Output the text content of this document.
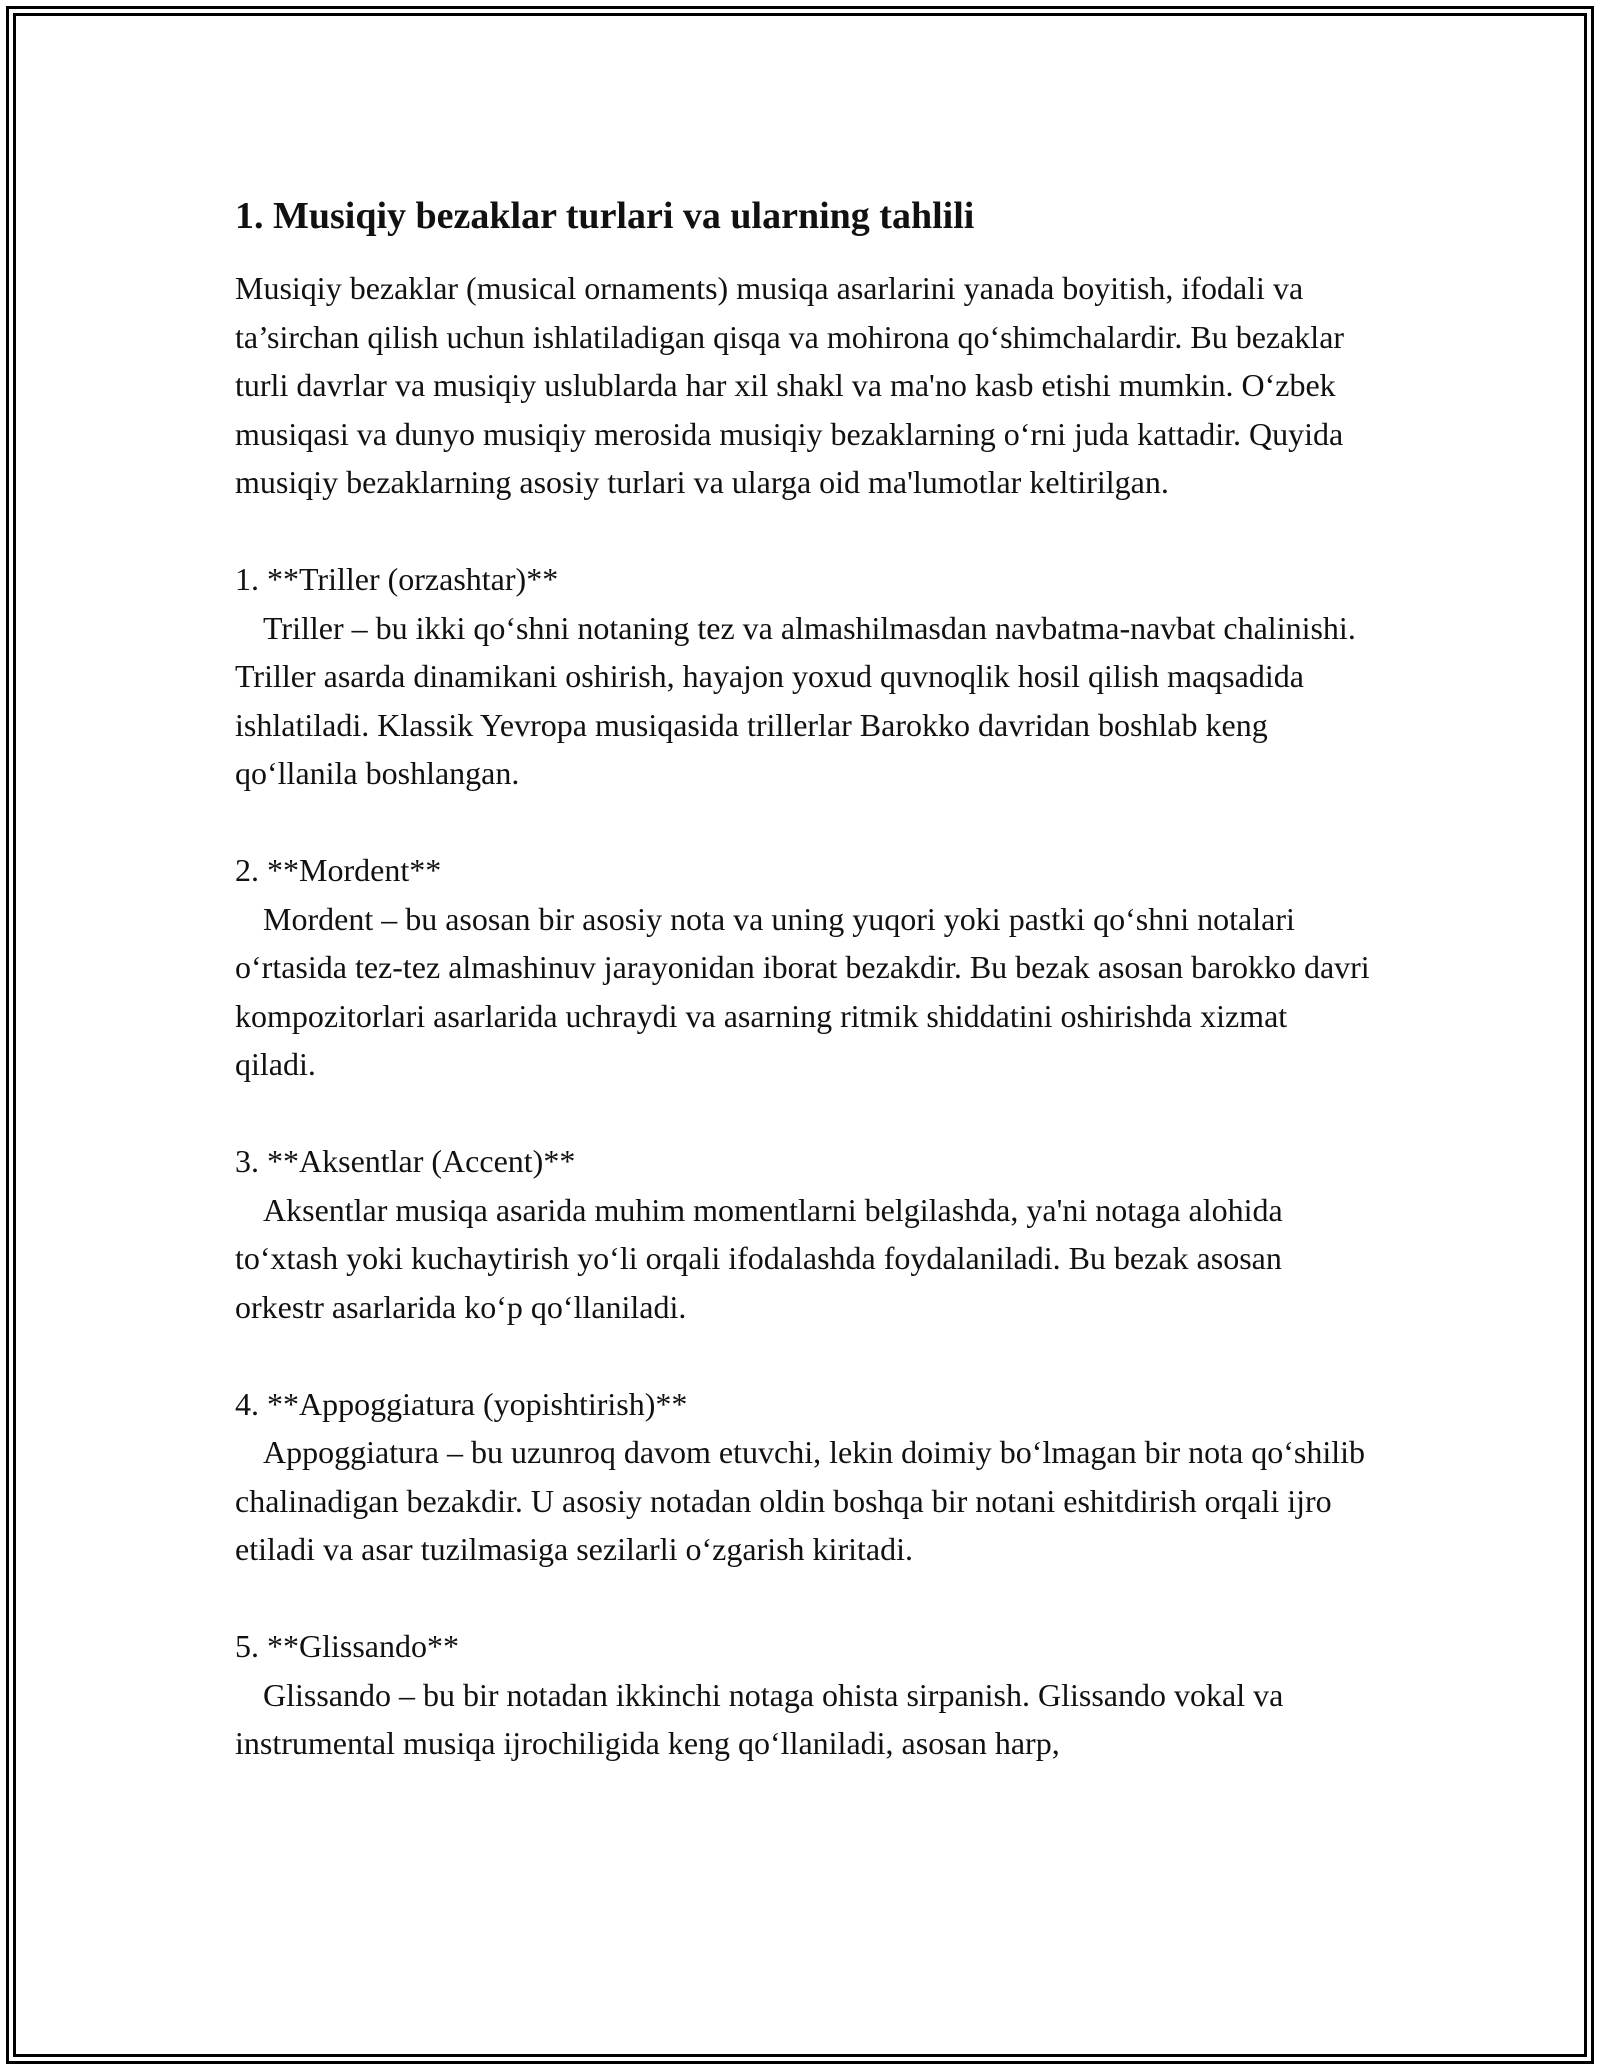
1. Musiqiy bezaklar turlari va ularning tahlili

Musiqiy bezaklar (musical ornaments) musiqa asarlarini yanada boyitish, ifodali va ta’sirchan qilish uchun ishlatiladigan qisqa va mohirona qo‘shimchalardir. Bu bezaklar turli davrlar va musiqiy uslublarda har xil shakl va ma'no kasb etishi mumkin. O‘zbek musiqasi va dunyo musiqiy merosida musiqiy bezaklarning o‘rni juda kattadir. Quyida musiqiy bezaklarning asosiy turlari va ularga oid ma'lumotlar keltirilgan.

1. **Triller (orzashtar)**

Triller – bu ikki qo‘shni notaning tez va almashilmasdan navbatma-navbat chalinishi. Triller asarda dinamikani oshirish, hayajon yoxud quvnoqlik hosil qilish maqsadida ishlatiladi. Klassik Yevropa musiqasida trillerlar Barokko davridan boshlab keng qo‘llanila boshlangan.

2. **Mordent**

Mordent – bu asosan bir asosiy nota va uning yuqori yoki pastki qo‘shni notalari o‘rtasida tez-tez almashinuv jarayonidan iborat bezakdir. Bu bezak asosan barokko davri kompozitorlari asarlarida uchraydi va asarning ritmik shiddatini oshirishda xizmat qiladi.

3. **Aksentlar (Accent)**

Aksentlar musiqa asarida muhim momentlarni belgilashda, ya'ni notaga alohida to‘xtash yoki kuchaytirish yo‘li orqali ifodalashda foydalaniladi. Bu bezak asosan orkestr asarlarida ko‘p qo‘llaniladi.

4. **Appoggiatura (yopishtirish)**

Appoggiatura – bu uzunroq davom etuvchi, lekin doimiy bo‘lmagan bir nota qo‘shilib chalinadigan bezakdir. U asosiy notadan oldin boshqa bir notani eshitdirish orqali ijro etiladi va asar tuzilmasiga sezilarli o‘zgarish kiritadi.

5. **Glissando**

Glissando – bu bir notadan ikkinchi notaga ohista sirpanish. Glissando vokal va instrumental musiqa ijrochiligida keng qo‘llaniladi, asosan harp,
